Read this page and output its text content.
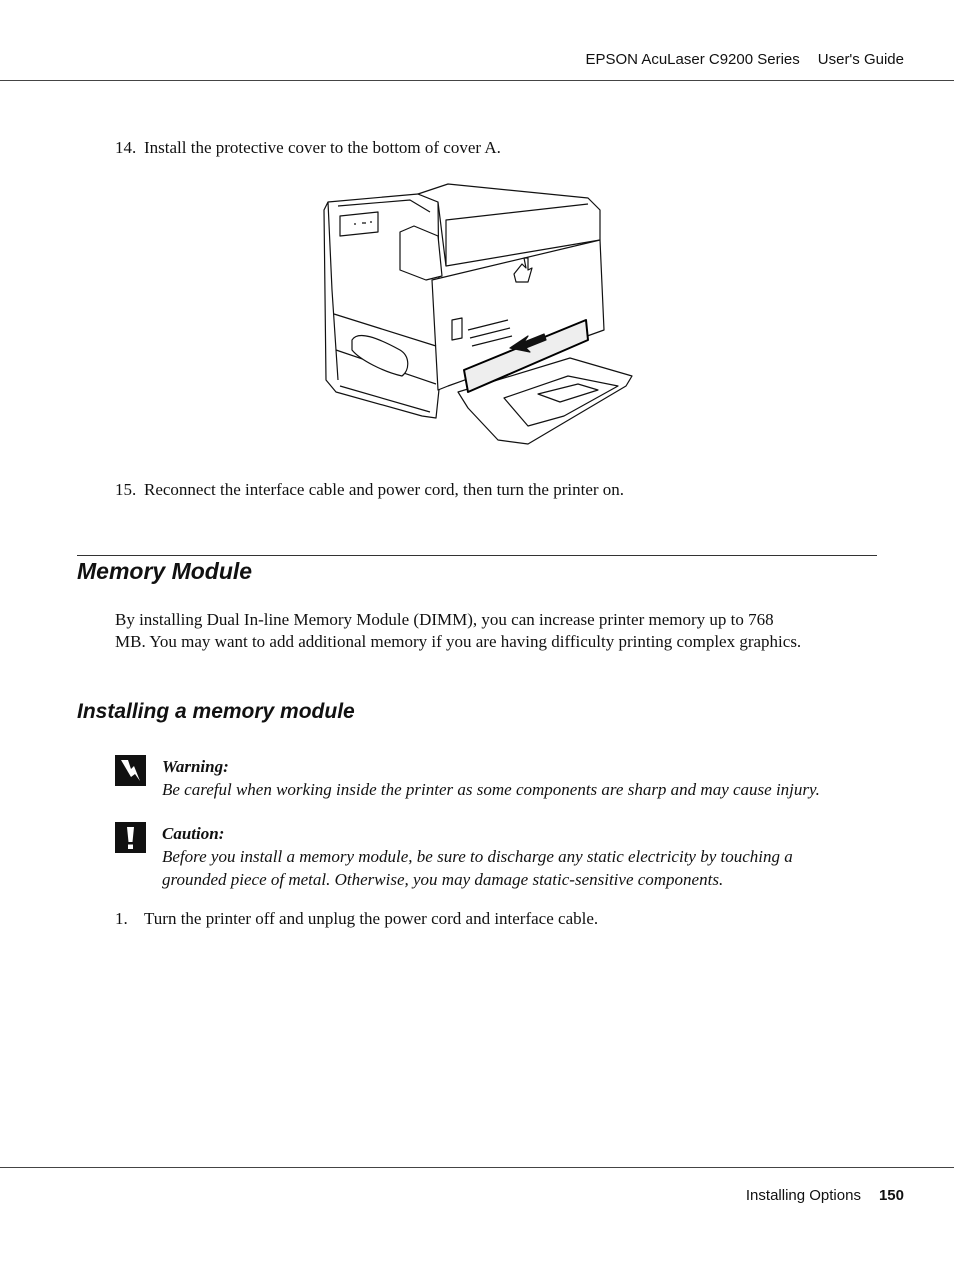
EPSON AcuLaser C9200 Series User's Guide
14. Install the protective cover to the bottom of cover A.
15. Reconnect the interface cable and power cord, then turn the printer on.
Memory Module
By installing Dual In-line Memory Module (DIMM), you can increase printer memory up to 768
MB. You may want to add additional memory if you are having difficulty printing complex graphics.
Installing a memory module
Warning:
Be careful when working inside the printer as some components are sharp and may cause injury.
Caution:
Before you install a memory module, be sure to discharge any static electricity by touching a
grounded piece of metal. Otherwise, you may damage static-sensitive components.
1. Turn the printer off and unplug the power cord and interface cable.
Installing Options 150
